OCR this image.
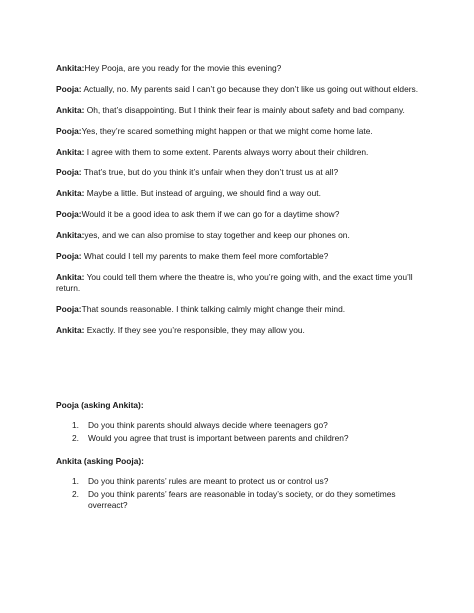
Ankita:Hey Pooja, are you ready for the movie this evening?

Pooja: Actually, no. My parents said I can’t go because they don’t like us going out without elders.

Ankita: Oh, that’s disappointing. But I think their fear is mainly about safety and bad company.

Pooja:Yes, they’re scared something might happen or that we might come home late.

Ankita: I agree with them to some extent. Parents always worry about their children.

Pooja: That’s true, but do you think it’s unfair when they don’t trust us at all?

Ankita: Maybe a little. But instead of arguing, we should find a way out.

Pooja:Would it be a good idea to ask them if we can go for a daytime show?

Ankita:yes, and we can also promise to stay together and keep our phones on.

Pooja: What could I tell my parents to make them feel more comfortable?

Ankita: You could tell them where the theatre is, who you’re going with, and the exact time you’ll return.

Pooja:That sounds reasonable. I think talking calmly might change their mind.

Ankita: Exactly. If they see you’re responsible, they may allow you.

Pooja (asking Ankita):

1. Do you think parents should always decide where teenagers go?
2. Would you agree that trust is important between parents and children?

Ankita (asking Pooja):

1. Do you think parents’ rules are meant to protect us or control us?
2. Do you think parents’ fears are reasonable in today’s society, or do they sometimes overreact?
